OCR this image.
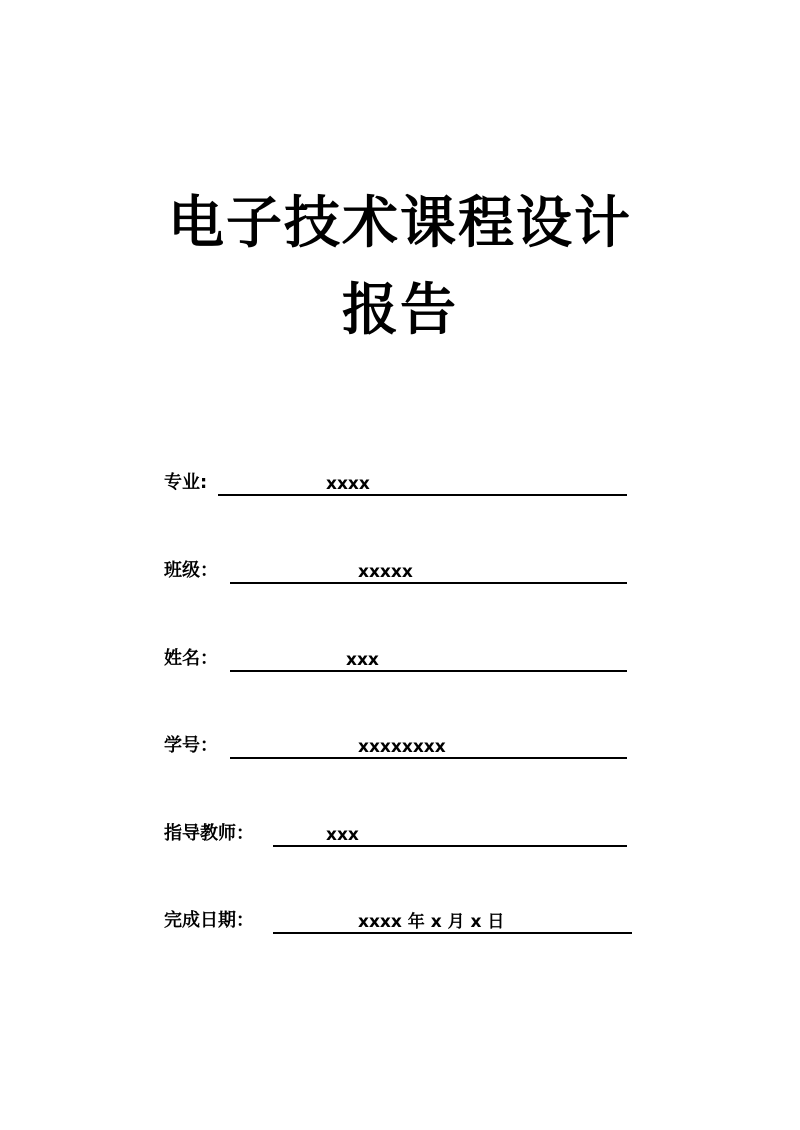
电子技术课程设计
报告
专业:	xxxx
班级：	xxxxx
姓名：	xxx
学号：	xxxxxxxx
指导教师：	xxx
完成日期：	xxxx 年 x 月 x 日
